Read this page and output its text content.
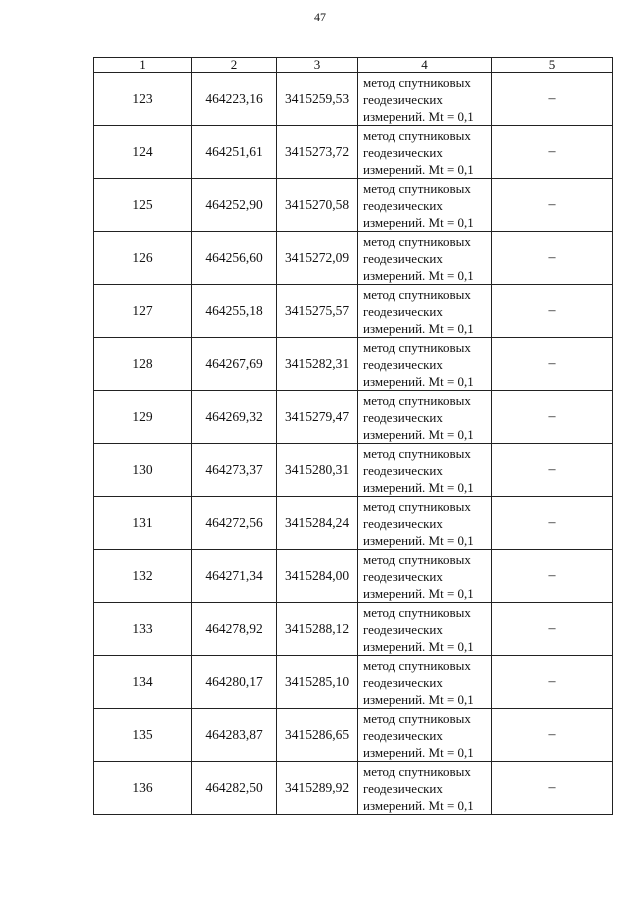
47
1	2	3	4	5
123	464223,16	3415259,53	метод спутниковых
геодезических
измерений. Mt = 0,1	–
124	464251,61	3415273,72	метод спутниковых
геодезических
измерений. Mt = 0,1	–
125	464252,90	3415270,58	метод спутниковых
геодезических
измерений. Mt = 0,1	–
126	464256,60	3415272,09	метод спутниковых
геодезических
измерений. Mt = 0,1	–
127	464255,18	3415275,57	метод спутниковых
геодезических
измерений. Mt = 0,1	–
128	464267,69	3415282,31	метод спутниковых
геодезических
измерений. Mt = 0,1	–
129	464269,32	3415279,47	метод спутниковых
геодезических
измерений. Mt = 0,1	–
130	464273,37	3415280,31	метод спутниковых
геодезических
измерений. Mt = 0,1	–
131	464272,56	3415284,24	метод спутниковых
геодезических
измерений. Mt = 0,1	–
132	464271,34	3415284,00	метод спутниковых
геодезических
измерений. Mt = 0,1	–
133	464278,92	3415288,12	метод спутниковых
геодезических
измерений. Mt = 0,1	–
134	464280,17	3415285,10	метод спутниковых
геодезических
измерений. Mt = 0,1	–
135	464283,87	3415286,65	метод спутниковых
геодезических
измерений. Mt = 0,1	–
136	464282,50	3415289,92	метод спутниковых
геодезических
измерений. Mt = 0,1	–
